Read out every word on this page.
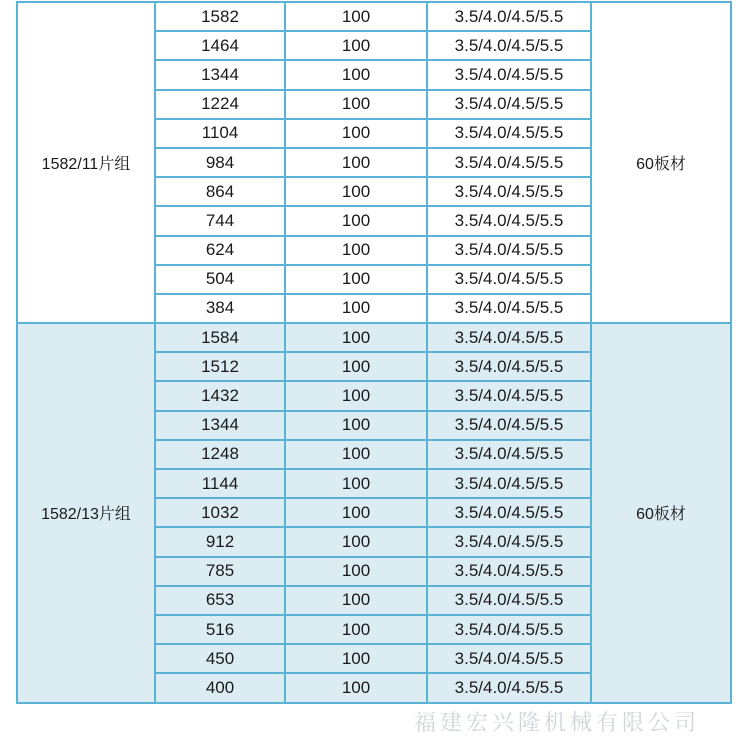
1582/11片组	1582	100	3.5/4.0/4.5/5.5	60板材
	1464	100	3.5/4.0/4.5/5.5	
	1344	100	3.5/4.0/4.5/5.5	
	1224	100	3.5/4.0/4.5/5.5	
	1104	100	3.5/4.0/4.5/5.5	
	984	100	3.5/4.0/4.5/5.5	
	864	100	3.5/4.0/4.5/5.5	
	744	100	3.5/4.0/4.5/5.5	
	624	100	3.5/4.0/4.5/5.5	
	504	100	3.5/4.0/4.5/5.5	
	384	100	3.5/4.0/4.5/5.5	
1582/13片组	1584	100	3.5/4.0/4.5/5.5	60板材
	1512	100	3.5/4.0/4.5/5.5	
	1432	100	3.5/4.0/4.5/5.5	
	1344	100	3.5/4.0/4.5/5.5	
	1248	100	3.5/4.0/4.5/5.5	
	1144	100	3.5/4.0/4.5/5.5	
	1032	100	3.5/4.0/4.5/5.5	
	912	100	3.5/4.0/4.5/5.5	
	785	100	3.5/4.0/4.5/5.5	
	653	100	3.5/4.0/4.5/5.5	
	516	100	3.5/4.0/4.5/5.5	
	450	100	3.5/4.0/4.5/5.5	
	400	100	3.5/4.0/4.5/5.5	
福建宏兴隆机械有限公司
